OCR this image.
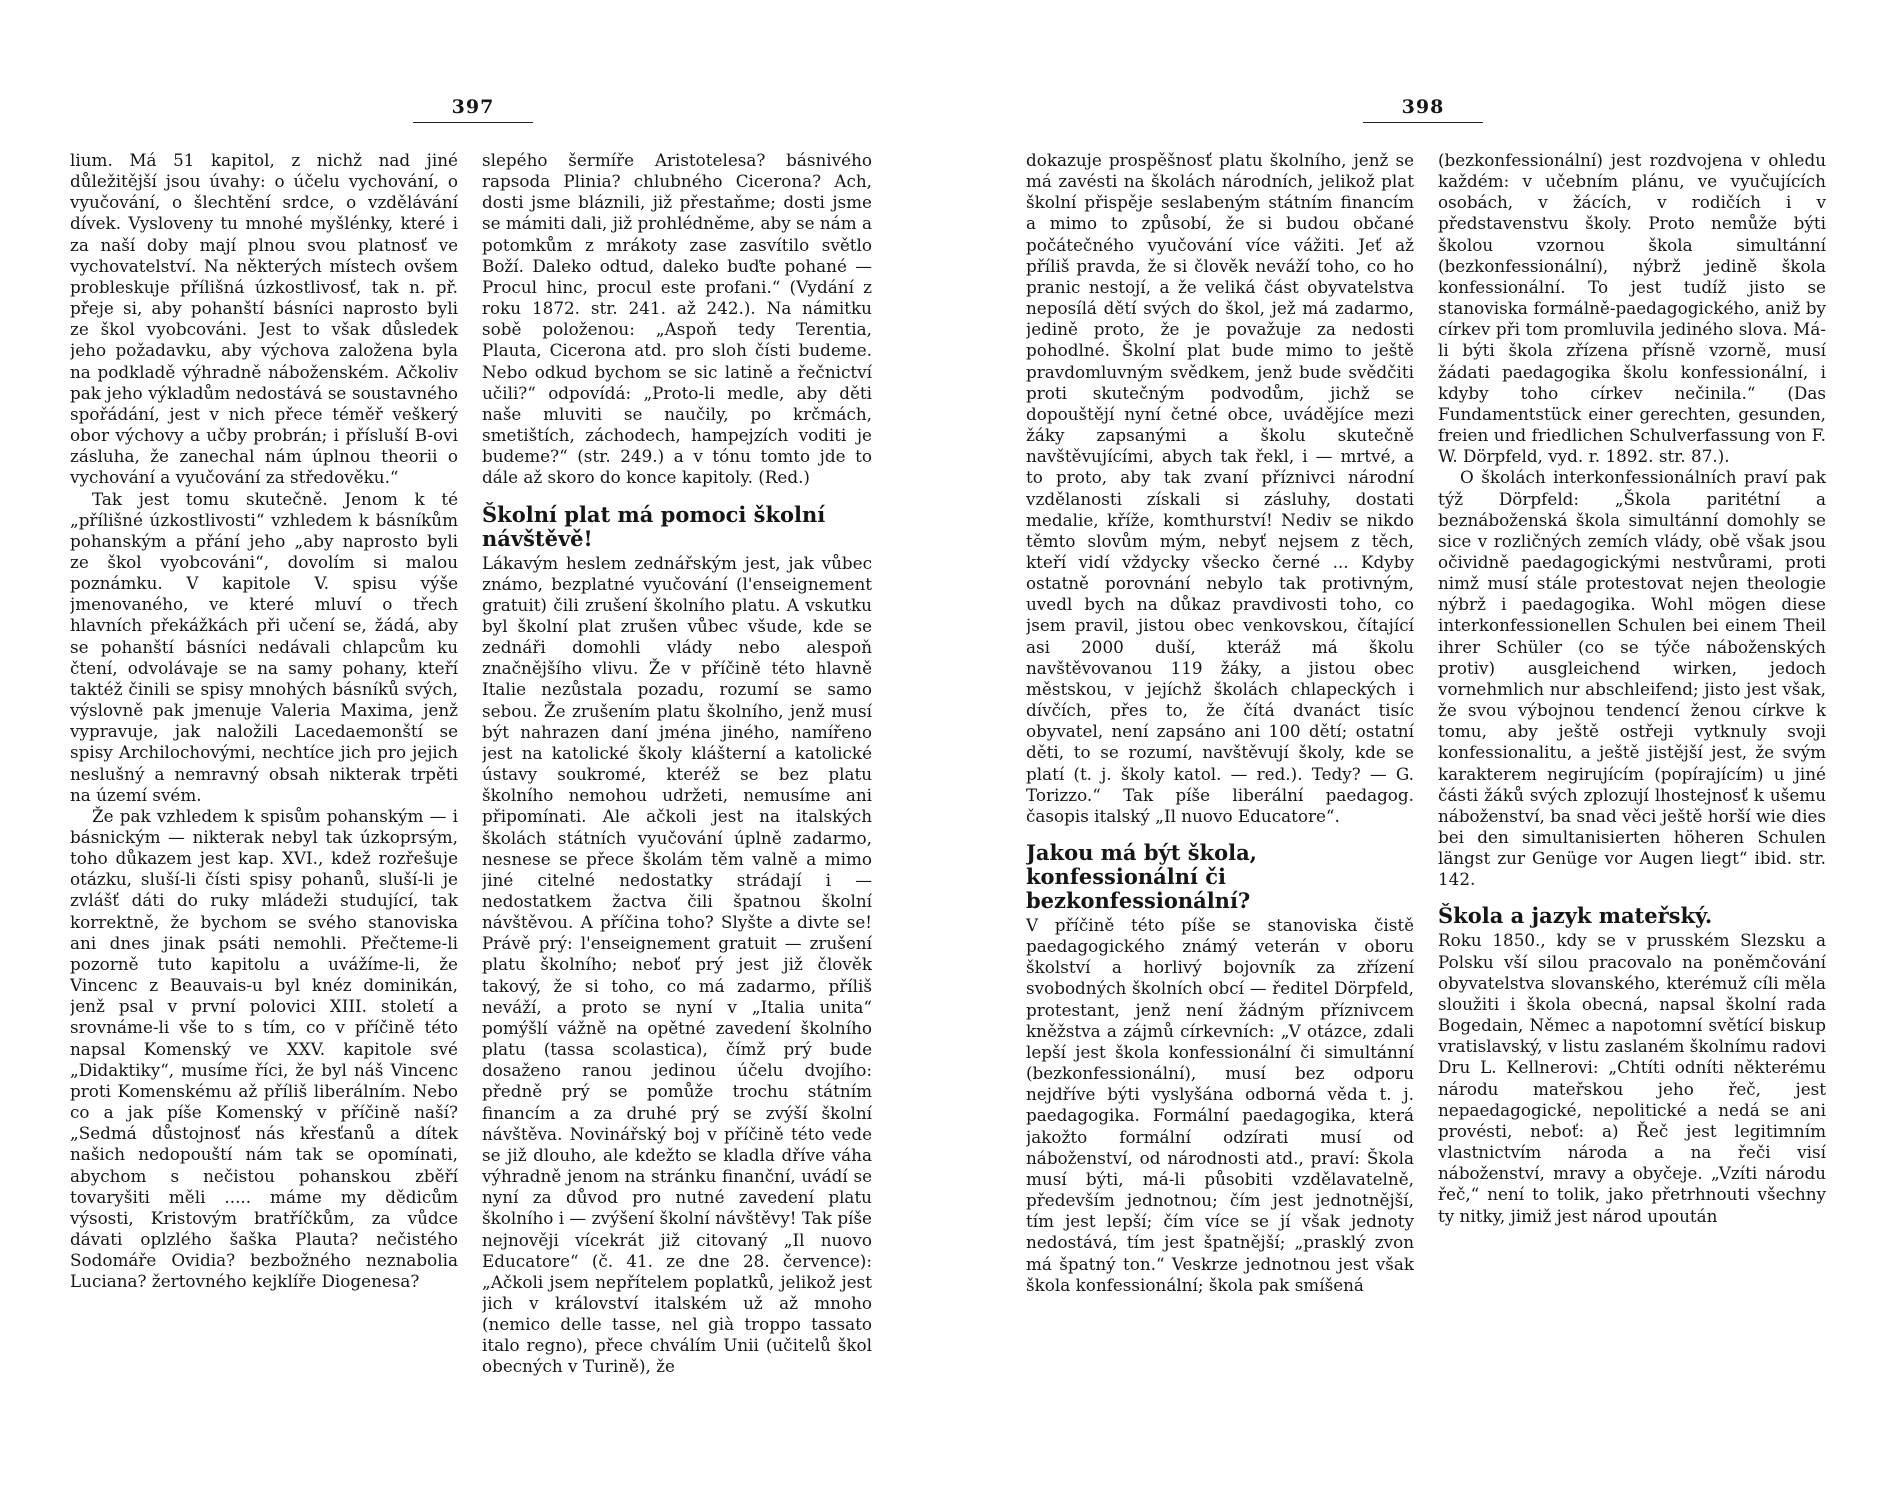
397

lium. Má 51 kapitol, z nichž nad jiné důležitější jsou úvahy: o účelu vychování, o vyučování, o šlechtění srdce, o vzdělávání dívek. Vysloveny tu mnohé myšlénky, které i za naší doby mají plnou svou platnosť ve vychovatelství. Na některých místech ovšem probleskuje přílišná úzkostlivosť, tak n. př. přeje si, aby pohanští básníci naprosto byli ze škol vyobcováni. Jest to však důsledek jeho požadavku, aby výchova založena byla na podkladě výhradně náboženském. Ačkoliv pak jeho výkladům nedostává se soustavného spořádání, jest v nich přece téměř veškerý obor výchovy a učby probrán; i přísluší B-ovi zásluha, že zanechal nám úplnou theorii o vychování a vyučování za středověku.“

Tak jest tomu skutečně. Jenom k té „přílišné úzkostlivosti“ vzhledem k básníkům pohanským a přání jeho „aby naprosto byli ze škol vyobcováni“, dovolím si malou poznámku. V kapitole V. spisu výše jmenovaného, ve které mluví o třech hlavních překážkách při učení se, žádá, aby se pohanští básníci nedávali chlapcům ku čtení, odvolávaje se na samy pohany, kteří taktéž činili se spisy mnohých básníků svých, výslovně pak jmenuje Valeria Maxima, jenž vypravuje, jak naložili Lacedaemonští se spisy Archilochovými, nechtíce jich pro jejich neslušný a nemravný obsah nikterak trpěti na území svém.

Že pak vzhledem k spisům pohanským — i básnickým — nikterak nebyl tak úzkoprsým, toho důkazem jest kap. XVI., kdež rozřešuje otázku, sluší-li čísti spisy pohanů, sluší-li je zvlášť dáti do ruky mládeži studující, tak korrektně, že bychom se svého stanoviska ani dnes jinak psáti nemohli. Přečteme-li pozorně tuto kapitolu a uvážíme-li, že Vincenc z Beauvais-u byl knéz dominikán, jenž psal v první polovici XIII. století a srovnáme-li vše to s tím, co v příčině této napsal Komenský ve XXV. kapitole své „Didaktiky“, musíme říci, že byl náš Vincenc proti Komenskému až příliš liberálním. Nebo co a jak píše Komenský v příčině naší? „Sedmá důstojnosť nás křesťanů a dítek našich nedopouští nám tak se opomínati, abychom s nečistou pohanskou zběří tovaryšiti měli ..... máme my dědicům výsosti, Kristovým bratříčkům, za vůdce dávati oplzlého šaška Plauta? nečistého Sodomáře Ovidia? bezbožného neznabolia Luciana? žertovného kejklíře Diogenesa?

slepého šermíře Aristotelesa? básnivého rapsoda Plinia? chlubného Cicerona? Ach, dosti jsme bláznili, již přestaňme; dosti jsme se mámiti dali, již prohlédněme, aby se nám a potomkům z mrákoty zase zasvítilo světlo Boží. Daleko odtud, daleko buďte pohané — Procul hinc, procul este profani.“ (Vydání z roku 1872. str. 241. až 242.). Na námitku sobě položenou: „Aspoň tedy Terentia, Plauta, Cicerona atd. pro sloh čísti budeme. Nebo odkud bychom se sic latině a řečnictví učili?“ odpovídá: „Proto-li medle, aby děti naše mluviti se naučily, po krčmách, smetištích, záchodech, hampejzích voditi je budeme?“ (str. 249.) a v tónu tomto jde to dále až skoro do konce kapitoly. (Red.)

Školní plat má pomoci školní návštěvě!

Lákavým heslem zednářským jest, jak vůbec známo, bezplatné vyučování (l'enseignement gratuit) čili zrušení školního platu. A vskutku byl školní plat zrušen vůbec všude, kde se zednáři domohli vlády nebo alespoň značnějšího vlivu. Že v příčině této hlavně Italie nezůstala pozadu, rozumí se samo sebou. Že zrušením platu školního, jenž musí být nahrazen daní jména jiného, namířeno jest na katolické školy klášterní a katolické ústavy soukromé, kteréž se bez platu školního nemohou udržeti, nemusíme ani připomínati. Ale ačkoli jest na italských školách státních vyučování úplně zadarmo, nesnese se přece školám těm valně a mimo jiné citelné nedostatky strádají i — nedostatkem žactva čili špatnou školní návštěvou. A příčina toho? Slyšte a divte se! Právě prý: l'enseignement gratuit — zrušení platu školního; neboť prý jest již člověk takový, že si toho, co má zadarmo, příliš neváží, a proto se nyní v „Italia unita“ pomýšlí vážně na opětné zavedení školního platu (tassa scolastica), čímž prý bude dosaženo ranou jedinou účelu dvojího: předně prý se pomůže trochu státním financím a za druhé prý se zvýší školní návštěva. Novinářský boj v příčině této vede se již dlouho, ale kdežto se kladla dříve váha výhradně jenom na stránku finanční, uvádí se nyní za důvod pro nutné zavedení platu školního i — zvýšení školní návštěvy! Tak píše nejnověji vícekrát již citovaný „Il nuovo Educatore“ (č. 41. ze dne 28. července): „Ačkoli jsem nepřítelem poplatků, jelikož jest jich v království italském už až mnoho (nemico delle tasse, nel già troppo tassato italo regno), přece chválím Unii (učitelů škol obecných v Turině), že

398

dokazuje prospěšnosť platu školního, jenž se má zavésti na školách národních, jelikož plat školní přispěje seslabeným státním financím a mimo to způsobí, že si budou občané počátečného vyučování více vážiti. Jeť až příliš pravda, že si člověk neváží toho, co ho pranic nestojí, a že veliká část obyvatelstva neposílá dětí svých do škol, jež má zadarmo, jedině proto, že je považuje za nedosti pohodlné. Školní plat bude mimo to ještě pravdomluvným svědkem, jenž bude svědčiti proti skutečným podvodům, jichž se dopouštějí nyní četné obce, uvádějíce mezi žáky zapsanými a školu skutečně navštěvujícími, abych tak řekl, i — mrtvé, a to proto, aby tak zvaní příznivci národní vzdělanosti získali si zásluhy, dostati medalie, kříže, komthurství! Nediv se nikdo těmto slovům mým, nebyť nejsem z těch, kteří vidí vždycky všecko černé ... Kdyby ostatně porovnání nebylo tak protivným, uvedl bych na důkaz pravdivosti toho, co jsem pravil, jistou obec venkovskou, čítající asi 2000 duší, kteráž má školu navštěvovanou 119 žáky, a jistou obec městskou, v jejíchž školách chlapeckých i dívčích, přes to, že čítá dvanáct tisíc obyvatel, není zapsáno ani 100 dětí; ostatní děti, to se rozumí, navštěvují školy, kde se platí (t. j. školy katol. — red.). Tedy? — G. Torizzo.“ Tak píše liberální paedagog. časopis italský „Il nuovo Educatore“.

Jakou má být škola, konfessionální či bezkonfessionální?

V příčině této píše se stanoviska čistě paedagogického známý veterán v oboru školství a horlivý bojovník za zřízení svobodných školních obcí — ředitel Dörpfeld, protestant, jenž není žádným příznivcem kněžstva a zájmů církevních: „V otázce, zdali lepší jest škola konfessionální či simultánní (bezkonfessionální), musí bez odporu nejdříve býti vyslyšána odborná věda t. j. paedagogika. Formální paedagogika, která jakožto formální odzírati musí od náboženství, od národnosti atd., praví: Škola musí býti, má-li působiti vzdělavatelně, především jednotnou; čím jest jednotnější, tím jest lepší; čím více se jí však jednoty nedostává, tím jest špatnější; „prasklý zvon má špatný ton.“ Veskrze jednotnou jest však škola konfessionální; škola pak smíšená

(bezkonfessionální) jest rozdvojena v ohledu každém: v učebním plánu, ve vyučujících osobách, v žácích, v rodičích i v představenstvu školy. Proto nemůže býti školou vzornou škola simultánní (bezkonfessionální), nýbrž jedině škola konfessionální. To jest tudíž jisto se stanoviska formálně-paedagogického, aniž by církev při tom promluvila jediného slova. Má-li býti škola zřízena přísně vzorně, musí žádati paedagogika školu konfessionální, i kdyby toho církev nečinila.“ (Das Fundamentstück einer gerechten, gesunden, freien und friedlichen Schulverfassung von F. W. Dörpfeld, vyd. r. 1892. str. 87.).

O školách interkonfessionálních praví pak týž Dörpfeld: „Škola paritétní a beznáboženská škola simultánní domohly se sice v rozličných zemích vlády, obě však jsou očividně paedagogickými nestvůrami, proti nimž musí stále protestovat nejen theologie nýbrž i paedagogika. Wohl mögen diese interkonfessionellen Schulen bei einem Theil ihrer Schüler (co se týče náboženských protiv) ausgleichend wirken, jedoch vornehmlich nur abschleifend; jisto jest však, že svou výbojnou tendencí ženou církve k tomu, aby ještě ostřeji vytknuly svoji konfessionalitu, a ještě jistější jest, že svým karakterem negirujícím (popírajícím) u jiné části žáků svých zplozují lhostejnosť k ušemu náboženství, ba snad věci ještě horší wie dies bei den simultanisierten höheren Schulen längst zur Genüge vor Augen liegt“ ibid. str. 142.

Škola a jazyk mateřský.

Roku 1850., kdy se v prusském Slezsku a Polsku vší silou pracovalo na poněmčování obyvatelstva slovanského, kterémuž cíli měla sloužiti i škola obecná, napsal školní rada Bogedain, Němec a napotomní světící biskup vratislavský, v listu zaslaném školnímu radovi Dru L. Kellnerovi: „Chtíti odníti některému národu mateřskou jeho řeč, jest nepaedagogické, nepolitické a nedá se ani provésti, neboť: a) Řeč jest legitimním vlastnictvím národa a na řeči visí náboženství, mravy a obyčeje. „Vzíti národu řeč,“ není to tolik, jako přetrhnouti všechny ty nitky, jimiž jest národ upoután
